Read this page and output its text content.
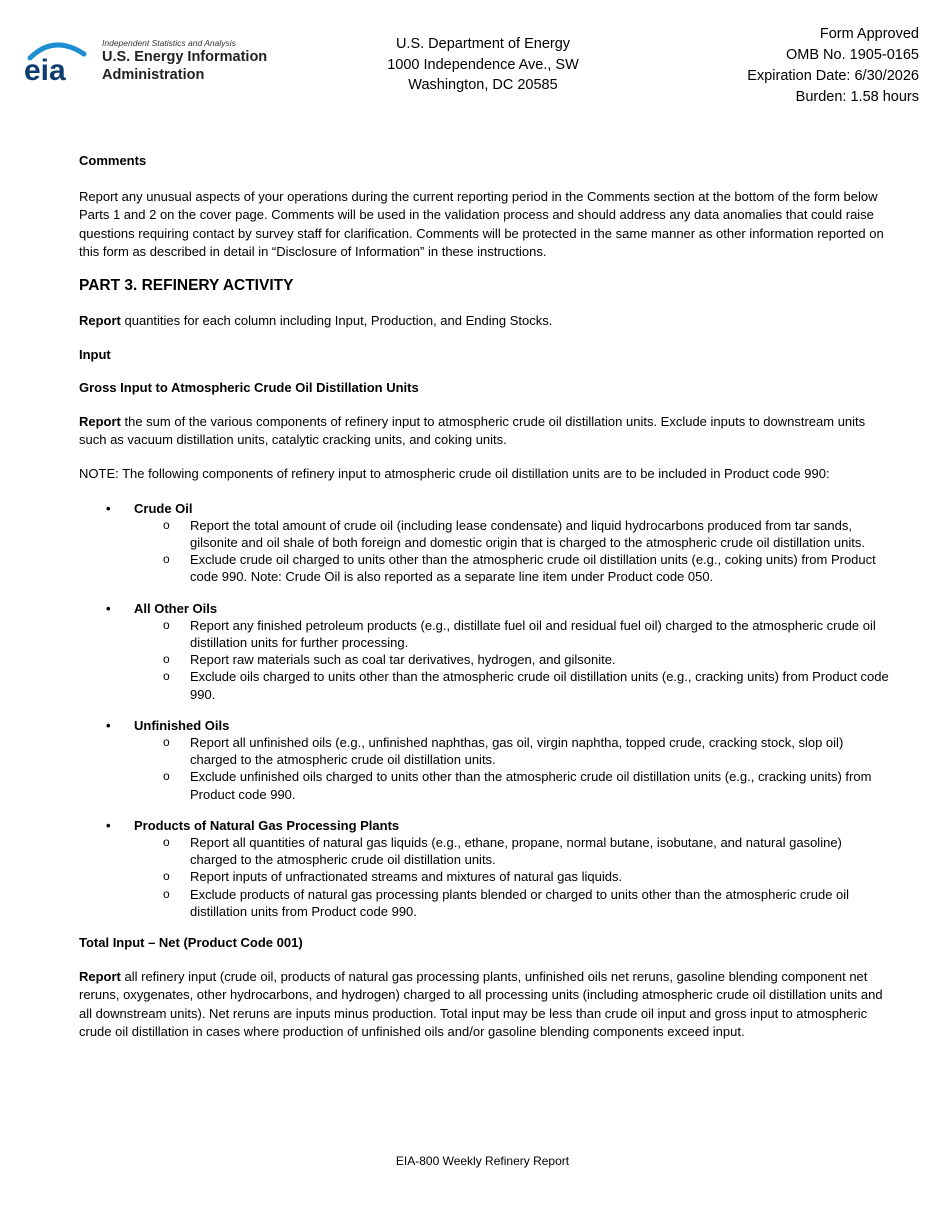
eia
Independent Statistics and Analysis
U.S. Energy Information
Administration
U.S. Department of Energy
1000 Independence Ave., SW
Washington, DC 20585
Form Approved
OMB No. 1905-0165
Expiration Date: 6/30/2026
Burden: 1.58 hours

Comments

Report any unusual aspects of your operations during the current reporting period in the Comments section at the bottom of the form below Parts 1 and 2 on the cover page. Comments will be used in the validation process and should address any data anomalies that could raise questions requiring contact by survey staff for clarification. Comments will be protected in the same manner as other information reported on this form as described in detail in “Disclosure of Information” in these instructions.

PART 3. REFINERY ACTIVITY

Report quantities for each column including Input, Production, and Ending Stocks.

Input

Gross Input to Atmospheric Crude Oil Distillation Units

Report the sum of the various components of refinery input to atmospheric crude oil distillation units. Exclude inputs to downstream units such as vacuum distillation units, catalytic cracking units, and coking units.

NOTE: The following components of refinery input to atmospheric crude oil distillation units are to be included in Product code 990:

• Crude Oil
o Report the total amount of crude oil (including lease condensate) and liquid hydrocarbons produced from tar sands, gilsonite and oil shale of both foreign and domestic origin that is charged to the atmospheric crude oil distillation units.
o Exclude crude oil charged to units other than the atmospheric crude oil distillation units (e.g., coking units) from Product code 990. Note: Crude Oil is also reported as a separate line item under Product code 050.
• All Other Oils
o Report any finished petroleum products (e.g., distillate fuel oil and residual fuel oil) charged to the atmospheric crude oil distillation units for further processing.
o Report raw materials such as coal tar derivatives, hydrogen, and gilsonite.
o Exclude oils charged to units other than the atmospheric crude oil distillation units (e.g., cracking units) from Product code 990.
• Unfinished Oils
o Report all unfinished oils (e.g., unfinished naphthas, gas oil, virgin naphtha, topped crude, cracking stock, slop oil) charged to the atmospheric crude oil distillation units.
o Exclude unfinished oils charged to units other than the atmospheric crude oil distillation units (e.g., cracking units) from Product code 990.
• Products of Natural Gas Processing Plants
o Report all quantities of natural gas liquids (e.g., ethane, propane, normal butane, isobutane, and natural gasoline) charged to the atmospheric crude oil distillation units.
o Report inputs of unfractionated streams and mixtures of natural gas liquids.
o Exclude products of natural gas processing plants blended or charged to units other than the atmospheric crude oil distillation units from Product code 990.

Total Input – Net (Product Code 001)

Report all refinery input (crude oil, products of natural gas processing plants, unfinished oils net reruns, gasoline blending component net reruns, oxygenates, other hydrocarbons, and hydrogen) charged to all processing units (including atmospheric crude oil distillation units and all downstream units). Net reruns are inputs minus production. Total input may be less than crude oil input and gross input to atmospheric crude oil distillation in cases where production of unfinished oils and/or gasoline blending components exceed input.

EIA-800 Weekly Refinery Report
